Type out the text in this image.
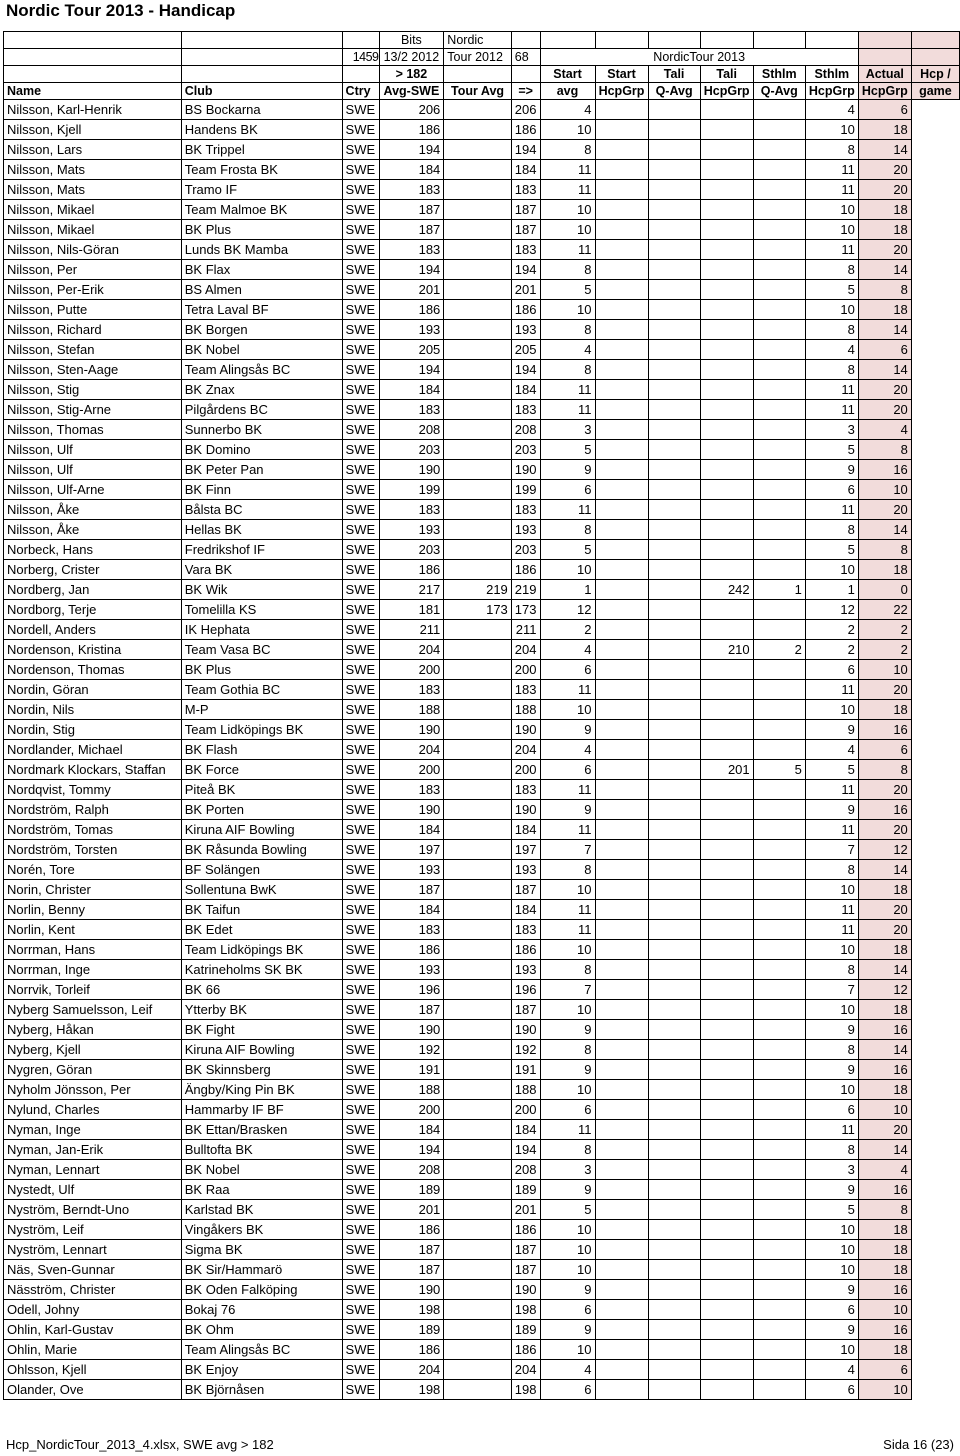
Nordic Tour 2013 - Handicap
			Bits	Nordic									
		1459	13/2 2012	Tour 2012	68	NordicTour 2013							
			> 182			Start	Start	Tali	Tali	Sthlm	Sthlm	Actual	Hcp /
Name	Club	Ctry	Avg-SWE	Tour Avg	=>	avg	HcpGrp	Q-Avg	HcpGrp	Q-Avg	HcpGrp	HcpGrp	game
Nilsson, Karl-Henrik	BS Bockarna	SWE	206		206	4					4	6	
Nilsson, Kjell	Handens BK	SWE	186		186	10					10	18	
Nilsson, Lars	BK Trippel	SWE	194		194	8					8	14	
Nilsson, Mats	Team Frosta BK	SWE	184		184	11					11	20	
Nilsson, Mats	Tramo IF	SWE	183		183	11					11	20	
Nilsson, Mikael	Team Malmoe BK	SWE	187		187	10					10	18	
Nilsson, Mikael	BK Plus	SWE	187		187	10					10	18	
Nilsson, Nils-Göran	Lunds BK Mamba	SWE	183		183	11					11	20	
Nilsson, Per	BK Flax	SWE	194		194	8					8	14	
Nilsson, Per-Erik	BS Almen	SWE	201		201	5					5	8	
Nilsson, Putte	Tetra Laval BF	SWE	186		186	10					10	18	
Nilsson, Richard	BK Borgen	SWE	193		193	8					8	14	
Nilsson, Stefan	BK Nobel	SWE	205		205	4					4	6	
Nilsson, Sten-Aage	Team Alingsås BC	SWE	194		194	8					8	14	
Nilsson, Stig	BK Znax	SWE	184		184	11					11	20	
Nilsson, Stig-Arne	Pilgårdens BC	SWE	183		183	11					11	20	
Nilsson, Thomas	Sunnerbo BK	SWE	208		208	3					3	4	
Nilsson, Ulf	BK Domino	SWE	203		203	5					5	8	
Nilsson, Ulf	BK Peter Pan	SWE	190		190	9					9	16	
Nilsson, Ulf-Arne	BK Finn	SWE	199		199	6					6	10	
Nilsson, Åke	Bålsta BC	SWE	183		183	11					11	20	
Nilsson, Åke	Hellas BK	SWE	193		193	8					8	14	
Norbeck, Hans	Fredrikshof IF	SWE	203		203	5					5	8	
Norberg, Crister	Vara BK	SWE	186		186	10					10	18	
Nordberg, Jan	BK Wik	SWE	217	219	219	1			242	1	1	0	
Nordborg, Terje	Tomelilla KS	SWE	181	173	173	12					12	22	
Nordell, Anders	IK Hephata	SWE	211		211	2					2	2	
Nordenson, Kristina	Team Vasa BC	SWE	204		204	4			210	2	2	2	
Nordenson, Thomas	BK Plus	SWE	200		200	6					6	10	
Nordin, Göran	Team Gothia BC	SWE	183		183	11					11	20	
Nordin, Nils	M-P	SWE	188		188	10					10	18	
Nordin, Stig	Team Lidköpings BK	SWE	190		190	9					9	16	
Nordlander, Michael	BK Flash	SWE	204		204	4					4	6	
Nordmark Klockars, Staffan	BK Force	SWE	200		200	6			201	5	5	8	
Nordqvist, Tommy	Piteå BK	SWE	183		183	11					11	20	
Nordström, Ralph	BK Porten	SWE	190		190	9					9	16	
Nordström, Tomas	Kiruna AIF Bowling	SWE	184		184	11					11	20	
Nordström, Torsten	BK Råsunda Bowling	SWE	197		197	7					7	12	
Norén, Tore	BF Solängen	SWE	193		193	8					8	14	
Norin, Christer	Sollentuna BwK	SWE	187		187	10					10	18	
Norlin, Benny	BK Taifun	SWE	184		184	11					11	20	
Norlin, Kent	BK Edet	SWE	183		183	11					11	20	
Norrman, Hans	Team Lidköpings BK	SWE	186		186	10					10	18	
Norrman, Inge	Katrineholms SK BK	SWE	193		193	8					8	14	
Norrvik, Torleif	BK 66	SWE	196		196	7					7	12	
Nyberg Samuelsson, Leif	Ytterby BK	SWE	187		187	10					10	18	
Nyberg, Håkan	BK Fight	SWE	190		190	9					9	16	
Nyberg, Kjell	Kiruna AIF Bowling	SWE	192		192	8					8	14	
Nygren, Göran	BK Skinnsberg	SWE	191		191	9					9	16	
Nyholm Jönsson, Per	Ängby/King Pin BK	SWE	188		188	10					10	18	
Nylund, Charles	Hammarby IF BF	SWE	200		200	6					6	10	
Nyman, Inge	BK Ettan/Brasken	SWE	184		184	11					11	20	
Nyman, Jan-Erik	Bulltofta BK	SWE	194		194	8					8	14	
Nyman, Lennart	BK Nobel	SWE	208		208	3					3	4	
Nystedt, Ulf	BK Raa	SWE	189		189	9					9	16	
Nyström, Berndt-Uno	Karlstad BK	SWE	201		201	5					5	8	
Nyström, Leif	Vingåkers BK	SWE	186		186	10					10	18	
Nyström, Lennart	Sigma BK	SWE	187		187	10					10	18	
Näs, Sven-Gunnar	BK Sir/Hammarö	SWE	187		187	10					10	18	
Näsström, Christer	BK Oden Falköping	SWE	190		190	9					9	16	
Odell, Johny	Bokaj 76	SWE	198		198	6					6	10	
Ohlin, Karl-Gustav	BK Ohm	SWE	189		189	9					9	16	
Ohlin, Marie	Team Alingsås BC	SWE	186		186	10					10	18	
Ohlsson, Kjell	BK Enjoy	SWE	204		204	4					4	6	
Olander, Ove	BK Björnåsen	SWE	198		198	6					6	10	
Hcp_NordicTour_2013_4.xlsx, SWE avg > 182	Sida 16 (23)
